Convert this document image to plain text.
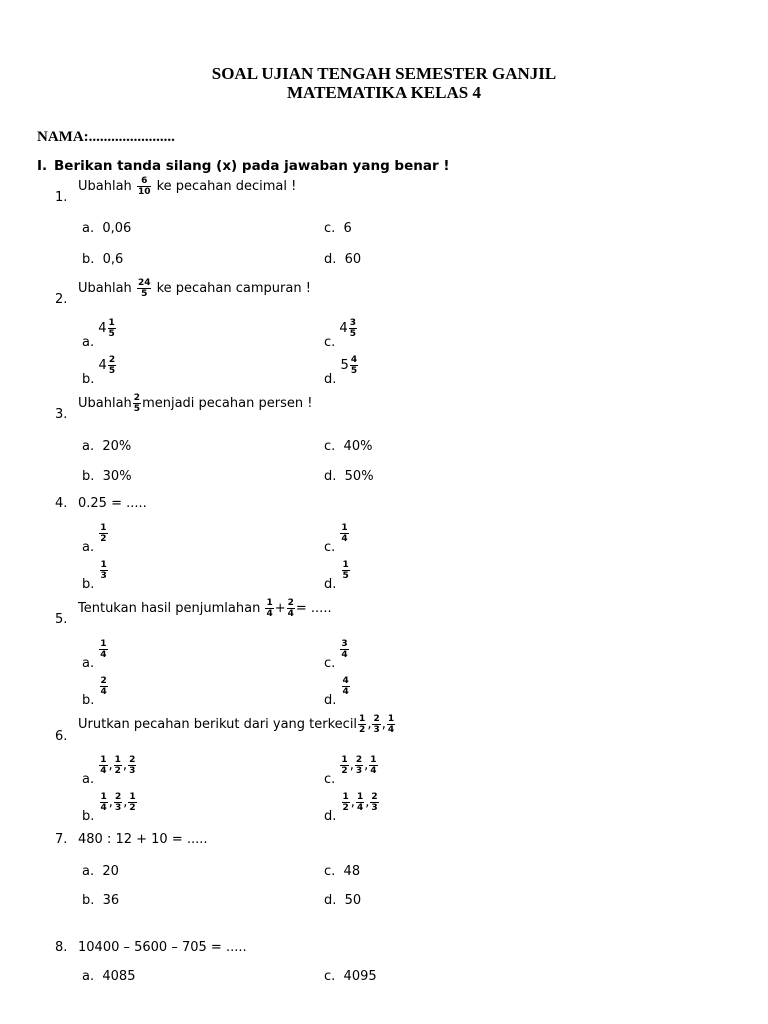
SOAL UJIAN TENGAH SEMESTER GANJIL
MATEMATIKA KELAS 4
NAMA:.......................
I. Berikan tanda silang (x) pada jawaban yang benar !
1.
Ubahlah $\frac{6}{10}$ ke pecahan decimal !
a. 0,06
b. 0,6
c. 6
d. 60
2.
Ubahlah $\frac{24}{5}$ ke pecahan campuran !
a. $4 \frac{1}{5}$
b. $4 \frac{2}{5}$
c. $4 \frac{3}{5}$
d. $5 \frac{4}{5}$
3.
Ubahlah $\frac{2}{5}$ menjadi pecahan persen !
a. 20%
b. 30%
c. 40%
d. 50%
4. 0.25 = .....
a.
$\frac{1}{2}$
b.
$\frac{1}{3}$
c.
$\frac{1}{4}$
d.
$\frac{1}{5}$
5.
Tentukan hasil penjumlahan $\frac{1}{4} + \frac{2}{4}$ = .....
a.
$\frac{1}{4}$
b.
$\frac{2}{4}$
c.
$\frac{3}{4}$
d.
$\frac{4}{4}$
6.
Urutkan pecahan berikut dari yang terkecil $\frac{1}{2}$ , $\frac{2}{3}$ , $\frac{1}{4}$
a.
$\frac{1}{4}$ , $\frac{1}{2}$ , $\frac{2}{3}$
b.
$\frac{1}{4}$ , $\frac{2}{3}$ , $\frac{1}{2}$
c.
$\frac{1}{2}$ , $\frac{2}{3}$ , $\frac{1}{4}$
d.
$\frac{1}{2}$ , $\frac{1}{4}$ , $\frac{2}{3}$
7. 480 : 12 + 10 = .....
a. 20
b. 36
c. 48
d. 50
8. 10400 – 5600 – 705 = .....
a. 4085	c. 4095
